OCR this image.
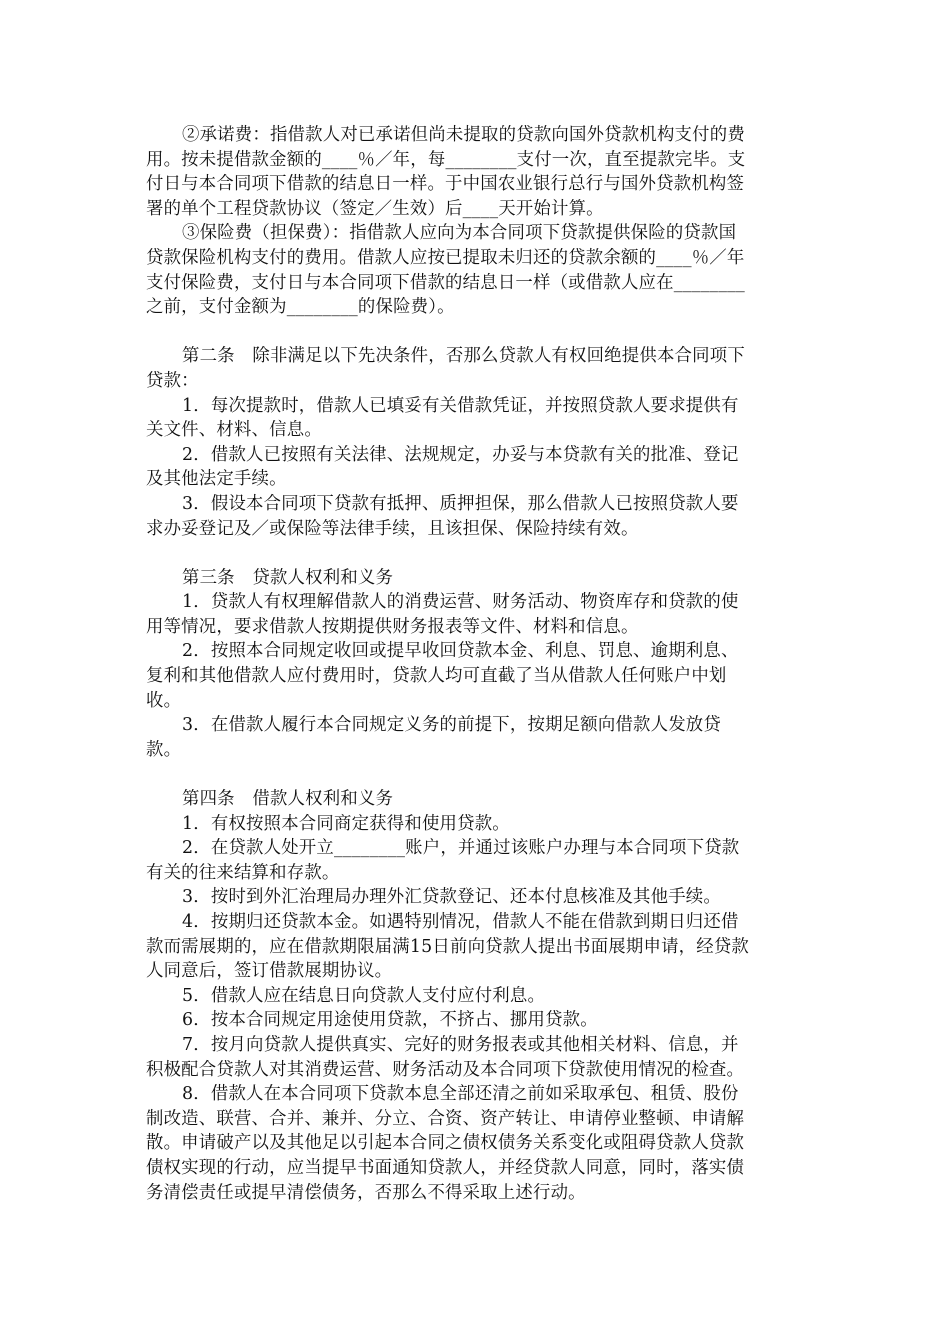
②承诺费：指借款人对已承诺但尚未提取的贷款向国外贷款机构支付的费
用。按未提借款金额的____％／年，每________支付一次，直至提款完毕。支
付日与本合同项下借款的结息日一样。于中国农业银行总行与国外贷款机构签
署的单个工程贷款协议（签定／生效）后____天开始计算。
③保险费（担保费）：指借款人应向为本合同项下贷款提供保险的贷款国
贷款保险机构支付的费用。借款人应按已提取未归还的贷款余额的____％／年
支付保险费，支付日与本合同项下借款的结息日一样（或借款人应在________
之前，支付金额为________的保险费）。
第二条　除非满足以下先决条件，否那么贷款人有权回绝提供本合同项下
贷款：
1．每次提款时，借款人已填妥有关借款凭证，并按照贷款人要求提供有
关文件、材料、信息。
2．借款人已按照有关法律、法规规定，办妥与本贷款有关的批准、登记
及其他法定手续。
3．假设本合同项下贷款有抵押、质押担保，那么借款人已按照贷款人要
求办妥登记及／或保险等法律手续，且该担保、保险持续有效。
第三条　贷款人权利和义务
1．贷款人有权理解借款人的消费运营、财务活动、物资库存和贷款的使
用等情况，要求借款人按期提供财务报表等文件、材料和信息。
2．按照本合同规定收回或提早收回贷款本金、利息、罚息、逾期利息、
复利和其他借款人应付费用时，贷款人均可直截了当从借款人任何账户中划
收。
3．在借款人履行本合同规定义务的前提下，按期足额向借款人发放贷
款。
第四条　借款人权利和义务
1．有权按照本合同商定获得和使用贷款。
2．在贷款人处开立________账户，并通过该账户办理与本合同项下贷款
有关的往来结算和存款。
3．按时到外汇治理局办理外汇贷款登记、还本付息核准及其他手续。
4．按期归还贷款本金。如遇特别情况，借款人不能在借款到期日归还借
款而需展期的，应在借款期限届满15日前向贷款人提出书面展期申请，经贷款
人同意后，签订借款展期协议。
5．借款人应在结息日向贷款人支付应付利息。
6．按本合同规定用途使用贷款，不挤占、挪用贷款。
7．按月向贷款人提供真实、完好的财务报表或其他相关材料、信息，并
积极配合贷款人对其消费运营、财务活动及本合同项下贷款使用情况的检查。
8．借款人在本合同项下贷款本息全部还清之前如采取承包、租赁、股份
制改造、联营、合并、兼并、分立、合资、资产转让、申请停业整顿、申请解
散。申请破产以及其他足以引起本合同之债权债务关系变化或阻碍贷款人贷款
债权实现的行动，应当提早书面通知贷款人，并经贷款人同意，同时，落实债
务清偿责任或提早清偿债务，否那么不得采取上述行动。
